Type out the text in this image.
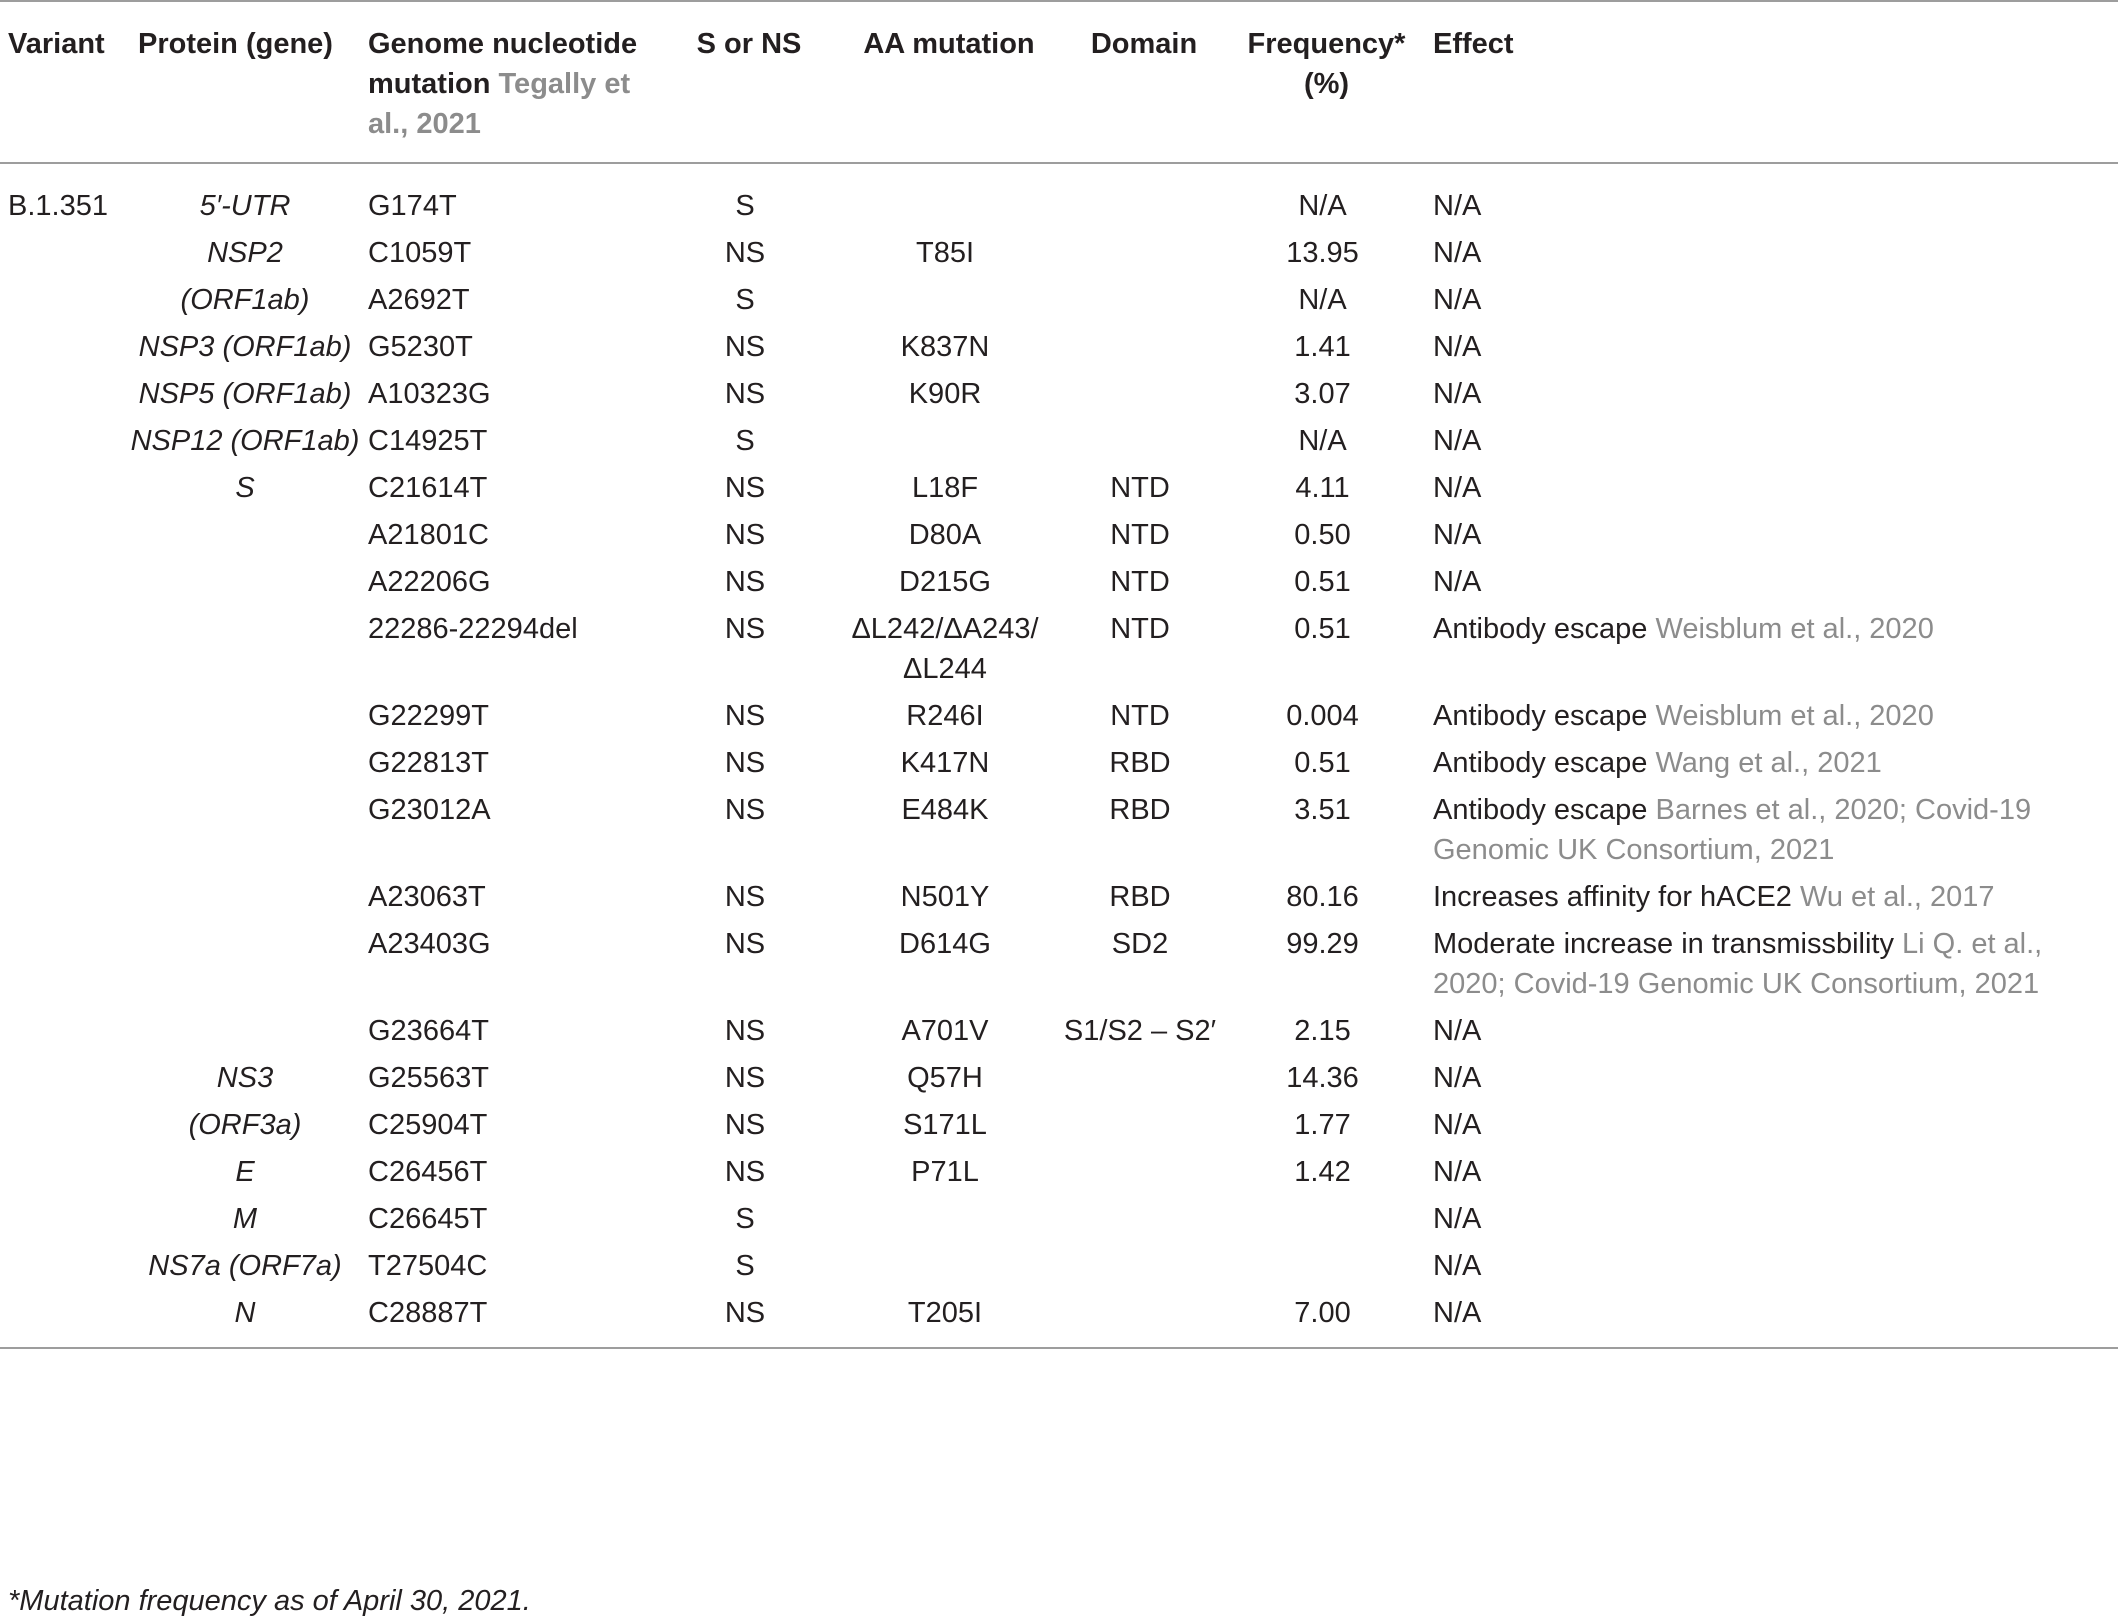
Variant	Protein (gene)	Genome nucleotide mutation Tegally et al., 2021	S or NS	AA mutation	Domain	Frequency* (%)	Effect
B.1.351	5′-UTR	G174T	S			N/A	N/A
	NSP2	C1059T	NS	T85I		13.95	N/A
	(ORF1ab)	A2692T	S			N/A	N/A
	NSP3 (ORF1ab)	G5230T	NS	K837N		1.41	N/A
	NSP5 (ORF1ab)	A10323G	NS	K90R		3.07	N/A
	NSP12 (ORF1ab)	C14925T	S			N/A	N/A
	S	C21614T	NS	L18F	NTD	4.11	N/A
		A21801C	NS	D80A	NTD	0.50	N/A
		A22206G	NS	D215G	NTD	0.51	N/A
		22286-22294del	NS	ΔL242/ΔA243/ ΔL244	NTD	0.51	Antibody escape Weisblum et al., 2020
		G22299T	NS	R246I	NTD	0.004	Antibody escape Weisblum et al., 2020
		G22813T	NS	K417N	RBD	0.51	Antibody escape Wang et al., 2021
		G23012A	NS	E484K	RBD	3.51	Antibody escape Barnes et al., 2020; Covid-19 Genomic UK Consortium, 2021
		A23063T	NS	N501Y	RBD	80.16	Increases affinity for hACE2 Wu et al., 2017
		A23403G	NS	D614G	SD2	99.29	Moderate increase in transmissbility Li Q. et al., 2020; Covid-19 Genomic UK Consortium, 2021
		G23664T	NS	A701V	S1/S2 – S2′	2.15	N/A
	NS3	G25563T	NS	Q57H		14.36	N/A
	(ORF3a)	C25904T	NS	S171L		1.77	N/A
	E	C26456T	NS	P71L		1.42	N/A
	M	C26645T	S				N/A
	NS7a (ORF7a)	T27504C	S				N/A
	N	C28887T	NS	T205I		7.00	N/A
*Mutation frequency as of April 30, 2021.
